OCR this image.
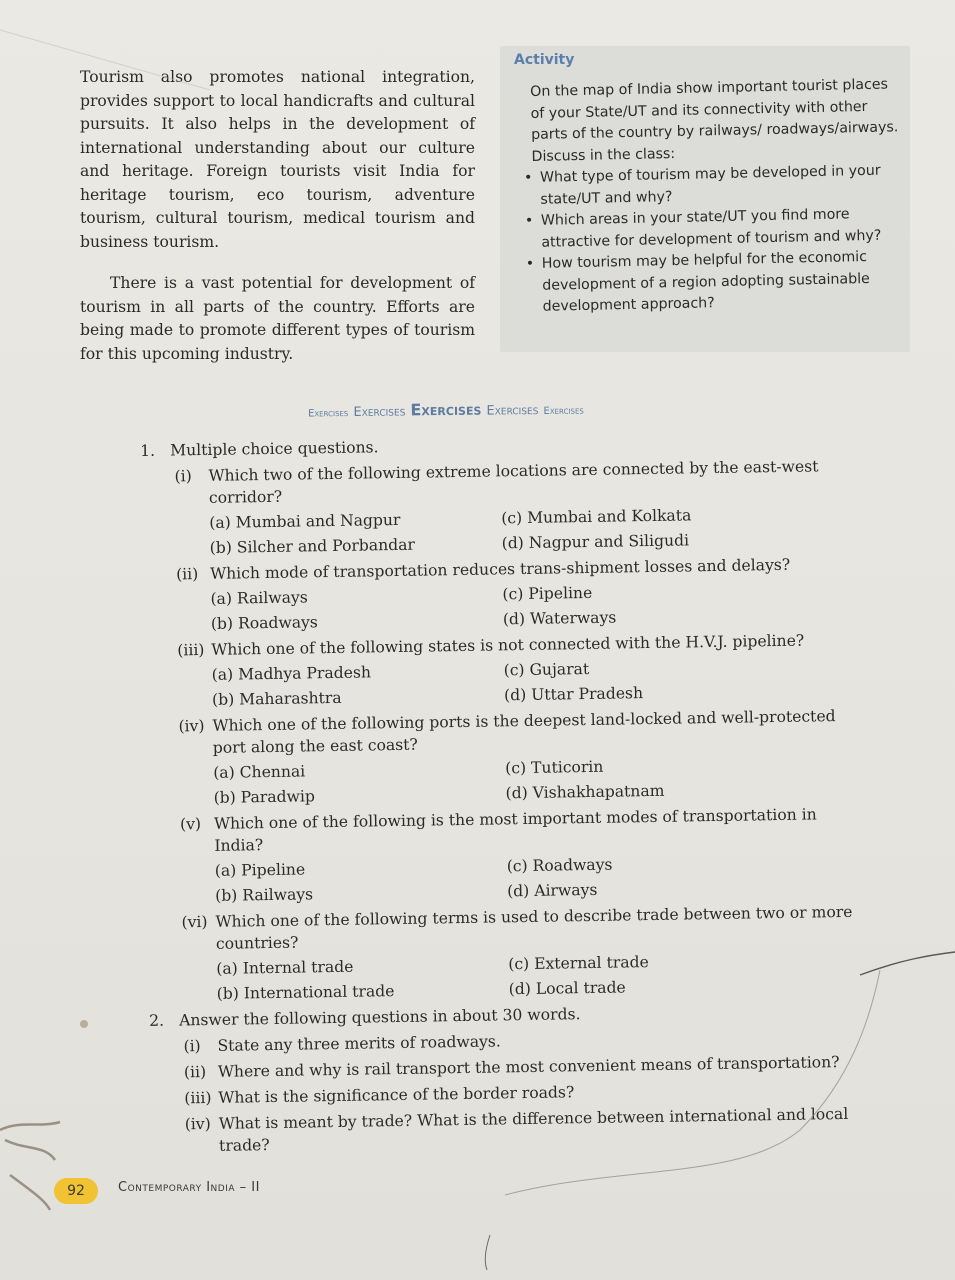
Tourism also promotes national integration, provides support to local handicrafts and cultural pursuits. It also helps in the development of international understanding about our culture and heritage. Foreign tourists visit India for heritage tourism, eco tourism, adventure tourism, cultural tourism, medical tourism and business tourism.

There is a vast potential for development of tourism in all parts of the country. Efforts are being made to promote different types of tourism for this upcoming industry.

Activity

On the map of India show important tourist places of your State/UT and its connectivity with other parts of the country by railways/ roadways/airways.

Discuss in the class:

• What type of tourism may be developed in your state/UT and why?
• Which areas in your state/UT you find more attractive for development of tourism and why?
• How tourism may be helpful for the economic development of a region adopting sustainable development approach?
Exercises Exercises Exercises Exercises Exercises
1. Multiple choice questions.
(i) Which two of the following extreme locations are connected by the east-west corridor?
(a) Mumbai and Nagpur	(c) Mumbai and Kolkata
(b) Silcher and Porbandar	(d) Nagpur and Siligudi
(ii) Which mode of transportation reduces trans-shipment losses and delays?
(a) Railways	(c) Pipeline
(b) Roadways	(d) Waterways
(iii) Which one of the following states is not connected with the H.V.J. pipeline?
(a) Madhya Pradesh	(c) Gujarat
(b) Maharashtra	(d) Uttar Pradesh
(iv) Which one of the following ports is the deepest land-locked and well-protected port along the east coast?
(a) Chennai	(c) Tuticorin
(b) Paradwip	(d) Vishakhapatnam
(v) Which one of the following is the most important modes of transportation in India?
(a) Pipeline	(c) Roadways
(b) Railways	(d) Airways
(vi) Which one of the following terms is used to describe trade between two or more countries?
(a) Internal trade	(c) External trade
(b) International trade	(d) Local trade
2. Answer the following questions in about 30 words.
(i) State any three merits of roadways.
(ii) Where and why is rail transport the most convenient means of transportation?
(iii) What is the significance of the border roads?
(iv) What is meant by trade? What is the difference between international and local trade?
92	Contemporary India – II
